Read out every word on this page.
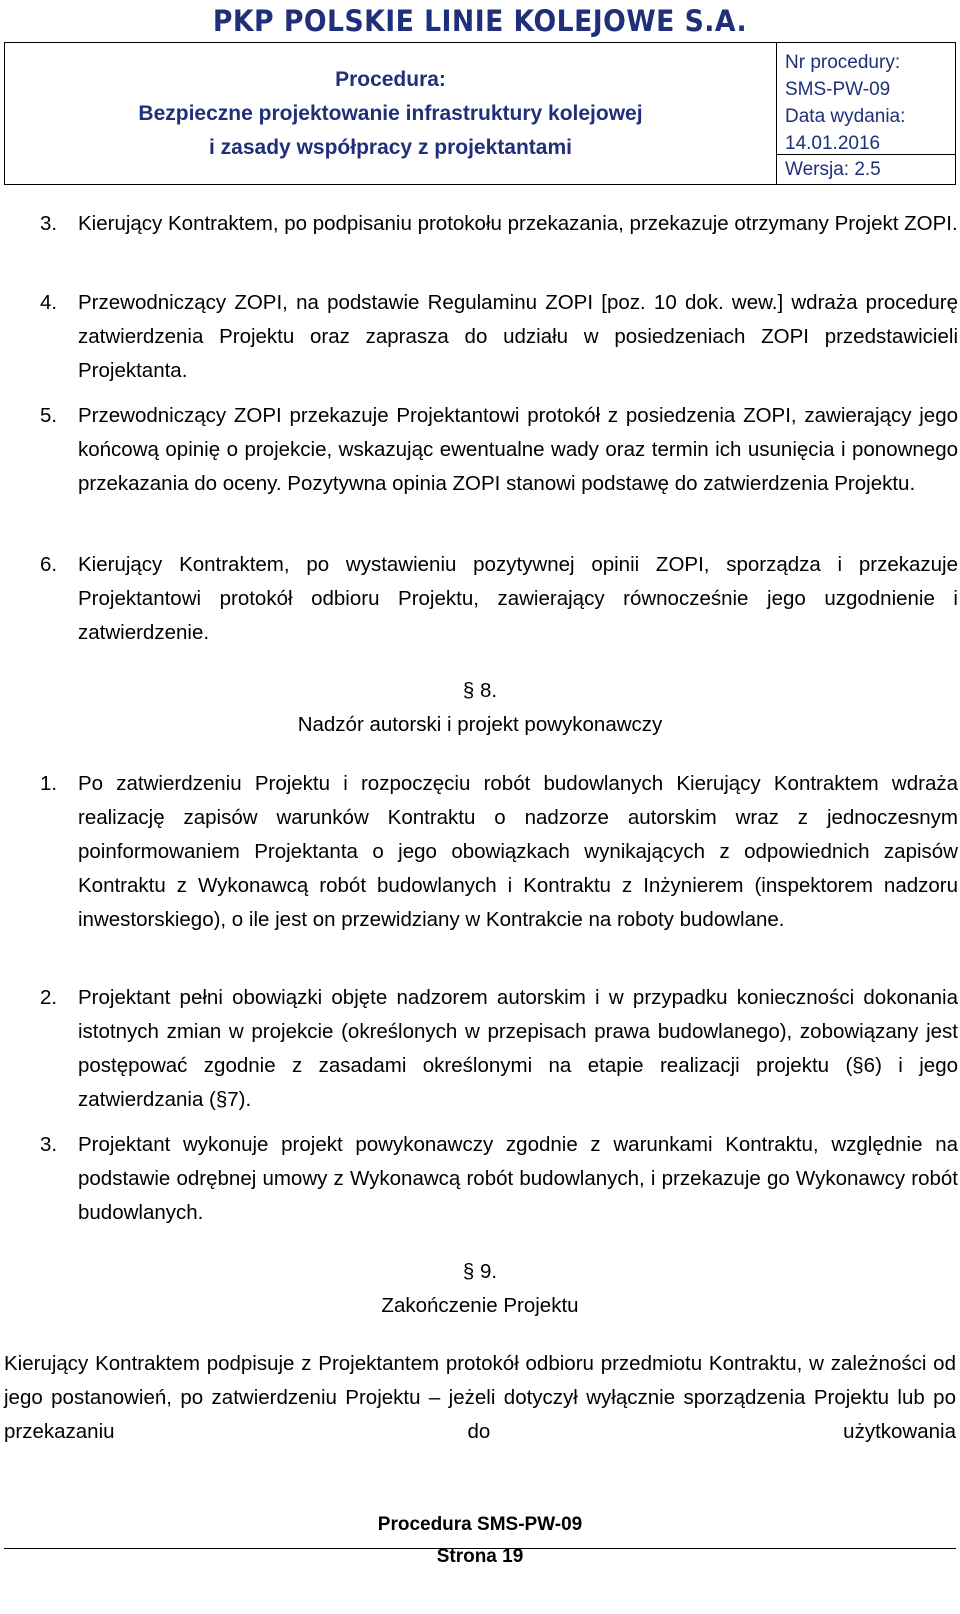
PKP POLSKIE LINIE KOLEJOWE S.A.
Procedura:
Bezpieczne projektowanie infrastruktury kolejowej
i zasady współpracy z projektantami
Nr procedury:
SMS-PW-09
Data wydania:
14.01.2016
Wersja: 2.5
3.	Kierujący Kontraktem, po podpisaniu protokołu przekazania, przekazuje otrzymany Projekt ZOPI.
4.	Przewodniczący ZOPI, na podstawie Regulaminu ZOPI [poz. 10 dok. wew.] wdraża procedurę zatwierdzenia Projektu oraz zaprasza do udziału w posiedzeniach ZOPI przedstawicieli Projektanta.
5.	Przewodniczący ZOPI przekazuje Projektantowi protokół z posiedzenia ZOPI, zawierający jego końcową opinię o projekcie, wskazując ewentualne wady oraz termin ich usunięcia i ponownego przekazania do oceny. Pozytywna opinia ZOPI stanowi podstawę do zatwierdzenia Projektu.
6.	Kierujący Kontraktem, po wystawieniu pozytywnej opinii ZOPI, sporządza i przekazuje Projektantowi protokół odbioru Projektu, zawierający równocześnie jego uzgodnienie i zatwierdzenie.
§ 8.
Nadzór autorski i projekt powykonawczy
1.	Po zatwierdzeniu Projektu i rozpoczęciu robót budowlanych Kierujący Kontraktem wdraża realizację zapisów warunków Kontraktu o nadzorze autorskim wraz z jednoczesnym poinformowaniem Projektanta o jego obowiązkach wynikających z odpowiednich zapisów Kontraktu z Wykonawcą robót budowlanych i Kontraktu z Inżynierem (inspektorem nadzoru inwestorskiego), o ile jest on przewidziany w Kontrakcie na roboty budowlane.
2.	Projektant pełni obowiązki objęte nadzorem autorskim i w przypadku konieczności dokonania istotnych zmian w projekcie (określonych w przepisach prawa budowlanego), zobowiązany jest postępować zgodnie z zasadami określonymi na etapie realizacji projektu (§6) i jego zatwierdzania (§7).
3.	Projektant wykonuje projekt powykonawczy zgodnie z warunkami Kontraktu, względnie na podstawie odrębnej umowy z Wykonawcą robót budowlanych, i przekazuje go Wykonawcy robót budowlanych.
§ 9.
Zakończenie Projektu
Kierujący Kontraktem podpisuje z Projektantem protokół odbioru przedmiotu Kontraktu, w zależności od jego postanowień, po zatwierdzeniu Projektu – jeżeli dotyczył wyłącznie sporządzenia Projektu lub po przekazaniu do użytkowania
Procedura SMS-PW-09
Strona 19
